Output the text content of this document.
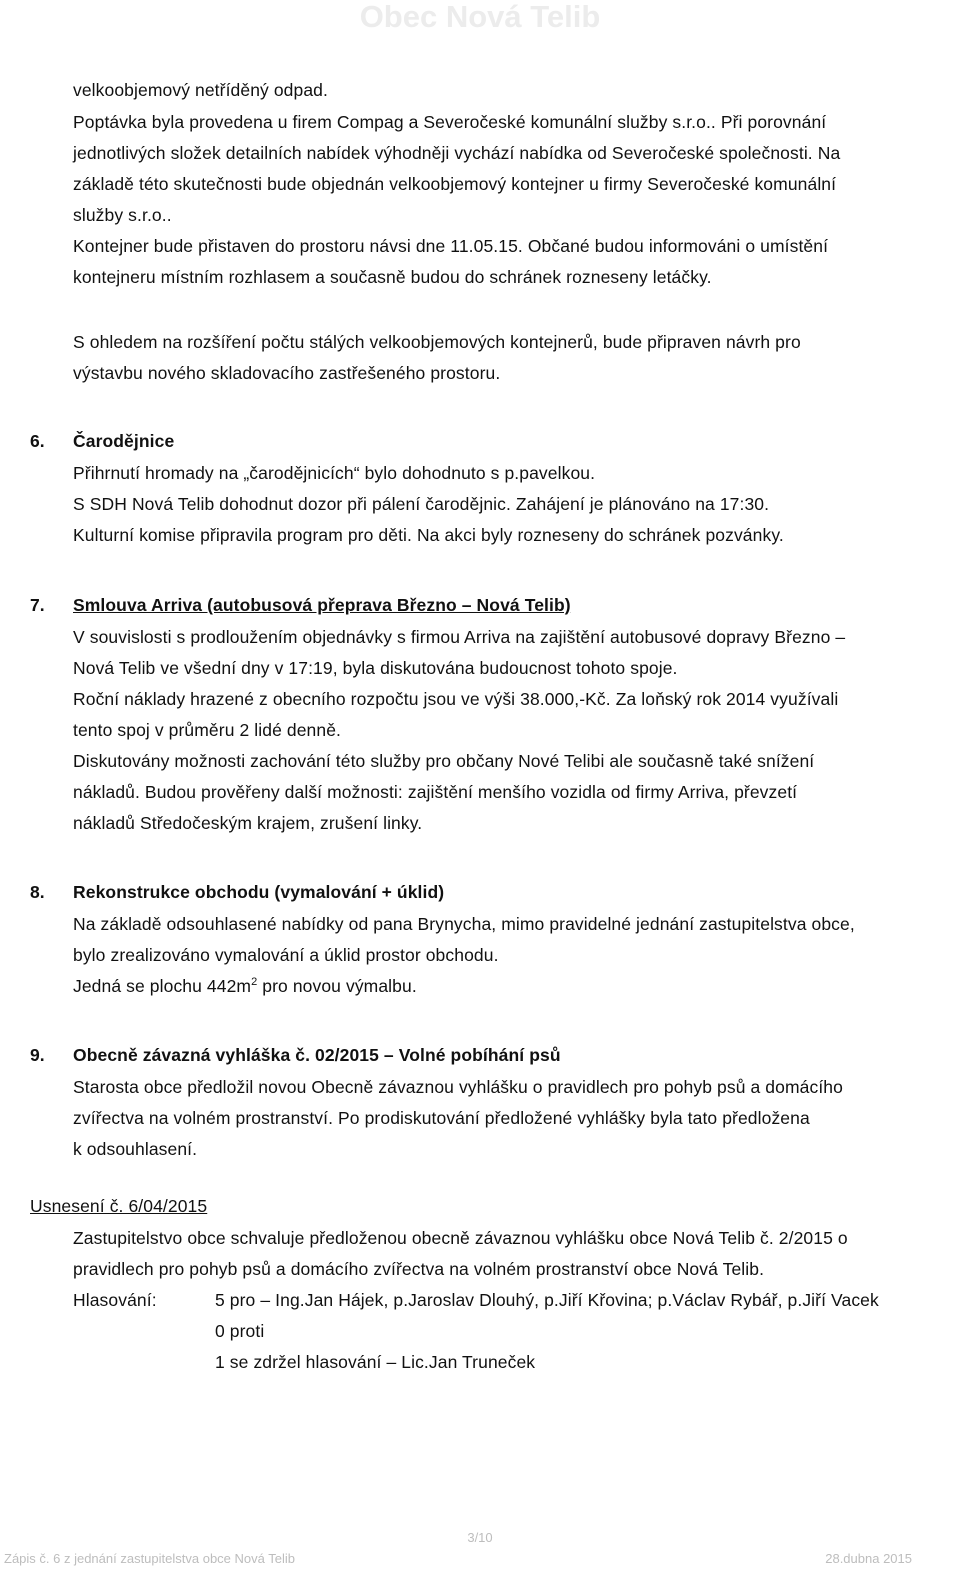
Obec Nová Telib
velkoobjemový netříděný odpad.
Poptávka byla provedena u firem Compag a Severočeské komunální služby s.r.o.. Při porovnání
jednotlivých složek detailních nabídek výhodněji vychází nabídka od Severočeské společnosti. Na
základě této skutečnosti bude objednán velkoobjemový kontejner u firmy Severočeské komunální
služby s.r.o..
Kontejner bude přistaven do prostoru návsi dne 11.05.15. Občané budou informováni o umístění
kontejneru místním rozhlasem a současně budou do schránek rozneseny letáčky.
S ohledem na rozšíření počtu stálých velkoobjemových kontejnerů, bude připraven návrh pro
výstavbu nového skladovacího zastřešeného prostoru.
6. Čarodějnice
Přihrnutí hromady na „čarodějnicích“ bylo dohodnuto s p.pavelkou.
S SDH Nová Telib dohodnut dozor při pálení čarodějnic. Zahájení je plánováno na 17:30.
Kulturní komise připravila program pro děti. Na akci byly rozneseny do schránek pozvánky.
7. Smlouva Arriva (autobusová přeprava Březno – Nová Telib)
V souvislosti s prodloužením objednávky s firmou Arriva na zajištění autobusové dopravy Březno –
Nová Telib ve všední dny v 17:19, byla diskutována budoucnost tohoto spoje.
Roční náklady hrazené z obecního rozpočtu jsou ve výši 38.000,-Kč. Za loňský rok 2014 využívali
tento spoj v průměru 2 lidé denně.
Diskutovány možnosti zachování této služby pro občany Nové Telibi ale současně také snížení
nákladů. Budou prověřeny další možnosti: zajištění menšího vozidla od firmy Arriva, převzetí
nákladů Středočeským krajem, zrušení linky.
8. Rekonstrukce obchodu (vymalování + úklid)
Na základě odsouhlasené nabídky od pana Brynycha, mimo pravidelné jednání zastupitelstva obce,
bylo zrealizováno vymalování a úklid prostor obchodu.
Jedná se plochu $442m^2$ pro novou výmalbu.
9. Obecně závazná vyhláška č. 02/2015 – Volné pobíhání psů
Starosta obce předložil novou Obecně závaznou vyhlášku o pravidlech pro pohyb psů a domácího
zvířectva na volném prostranství. Po prodiskutování předložené vyhlášky byla tato předložena
k odsouhlasení.
Usnesení č. 6/04/2015
Zastupitelstvo obce schvaluje předloženou obecně závaznou vyhlášku obce Nová Telib č. 2/2015 o
pravidlech pro pohyb psů a domácího zvířectva na volném prostranství obce Nová Telib.
Hlasování:	5 pro – Ing.Jan Hájek, p.Jaroslav Dlouhý, p.Jiří Křovina; p.Václav Rybář, p.Jiří Vacek
0 proti
1 se zdržel hlasování – Lic.Jan Truneček
3/10
Zápis č. 6 z jednání zastupitelstva obce Nová Telib	28.dubna 2015
